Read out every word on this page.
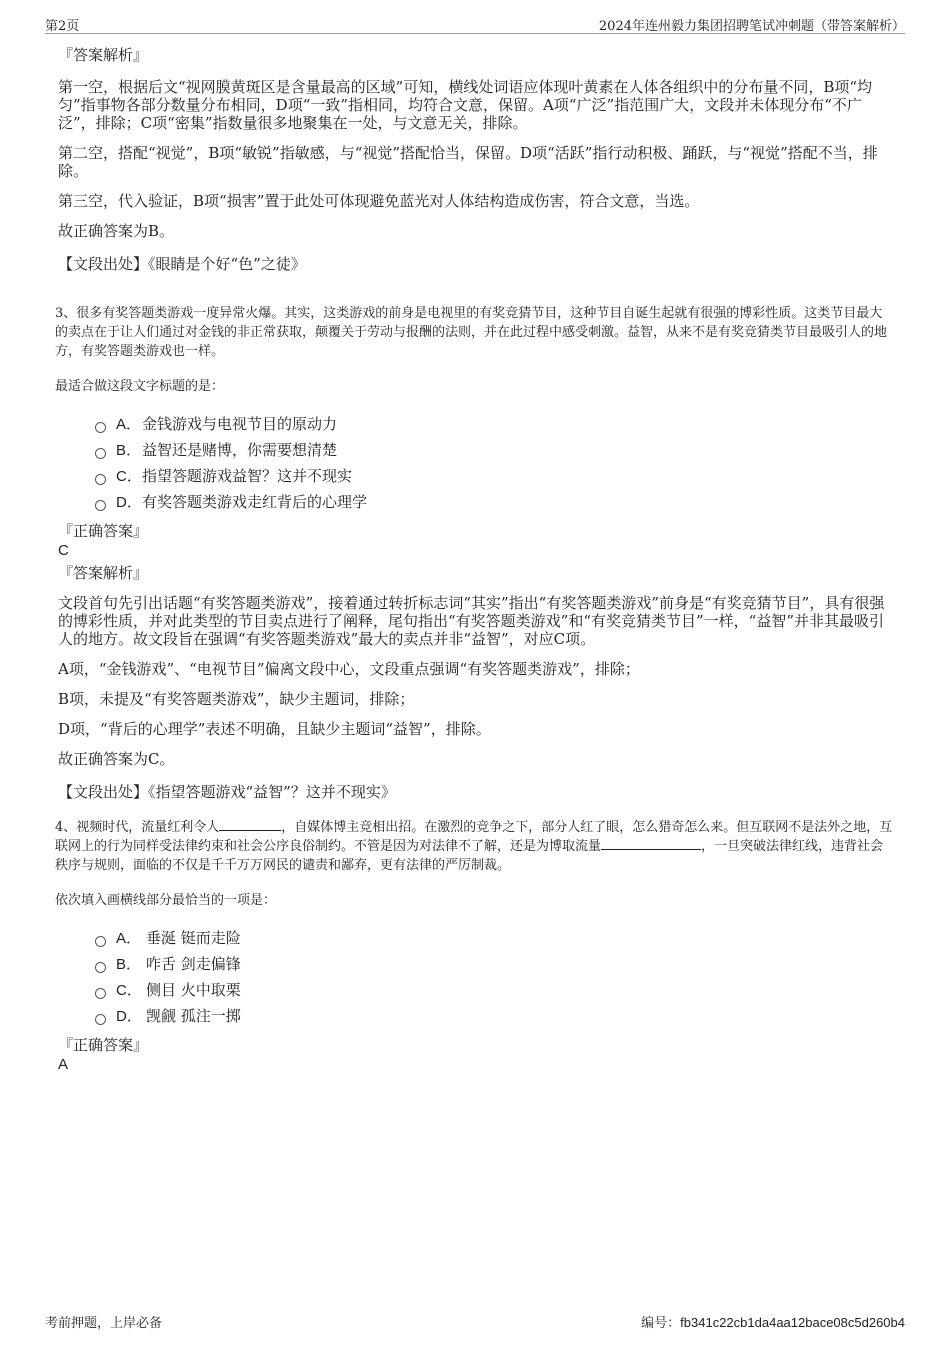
第2页	2024年连州毅力集团招聘笔试冲刺题（带答案解析）
『答案解析』

第一空，根据后文“视网膜黄斑区是含量最高的区域”可知，横线处词语应体现叶黄素在人体各组织中的分布量不同，B项“均匀”指事物各部分数量分布相同，D项“一致”指相同，均符合文意，保留。A项“广泛”指范围广大，文段并未体现分布“不广泛”，排除；C项“密集”指数量很多地聚集在一处，与文意无关，排除。

第二空，搭配“视觉”，B项“敏锐”指敏感，与“视觉”搭配恰当，保留。D项“活跃”指行动积极、踊跃，与“视觉”搭配不当，排除。

第三空，代入验证，B项“损害”置于此处可体现避免蓝光对人体结构造成伤害，符合文意，当选。

故正确答案为B。

【文段出处】《眼睛是个好“色”之徒》

3、很多有奖答题类游戏一度异常火爆。其实，这类游戏的前身是电视里的有奖竞猜节目，这种节目自诞生起就有很强的博彩性质。这类节目最大的卖点在于让人们通过对金钱的非正常获取，颠覆关于劳动与报酬的法则，并在此过程中感受刺激。益智，从来不是有奖竞猜类节目最吸引人的地方，有奖答题类游戏也一样。

最适合做这段文字标题的是：

A． 金钱游戏与电视节目的原动力
B． 益智还是赌博，你需要想清楚
C． 指望答题游戏益智？这并不现实
D． 有奖答题类游戏走红背后的心理学
『正确答案』
C
『答案解析』

文段首句先引出话题“有奖答题类游戏”，接着通过转折标志词“其实”指出“有奖答题类游戏”前身是“有奖竞猜节目”，具有很强的博彩性质，并对此类型的节目卖点进行了阐释，尾句指出“有奖答题类游戏”和“有奖竞猜类节目”一样，“益智”并非其最吸引人的地方。故文段旨在强调“有奖答题类游戏”最大的卖点并非“益智”，对应C项。

A项，“金钱游戏”、“电视节目”偏离文段中心，文段重点强调“有奖答题类游戏”，排除；

B项，未提及“有奖答题类游戏”，缺少主题词，排除；

D项，“背后的心理学”表述不明确，且缺少主题词“益智”，排除。

故正确答案为C。

【文段出处】《指望答题游戏“益智”？这并不现实》

4、视频时代，流量红利令人	，自媒体博主竞相出招。在激烈的竞争之下，部分人红了眼，怎么猎奇怎么来。但互联网不是法外之地，互联网上的行为同样受法律约束和社会公序良俗制约。不管是因为对法律不了解，还是为博取流量	，一旦突破法律红线，违背社会秩序与规则，面临的不仅是千千万万网民的谴责和鄙弃，更有法律的严厉制裁。

依次填入画横线部分最恰当的一项是：

A． 垂涎 铤而走险
B． 咋舌 剑走偏锋
C． 侧目 火中取栗
D． 觊觎 孤注一掷
『正确答案』
A
考前押题，上岸必备	编号：fb341c22cb1da4aa12bace08c5d260b4
